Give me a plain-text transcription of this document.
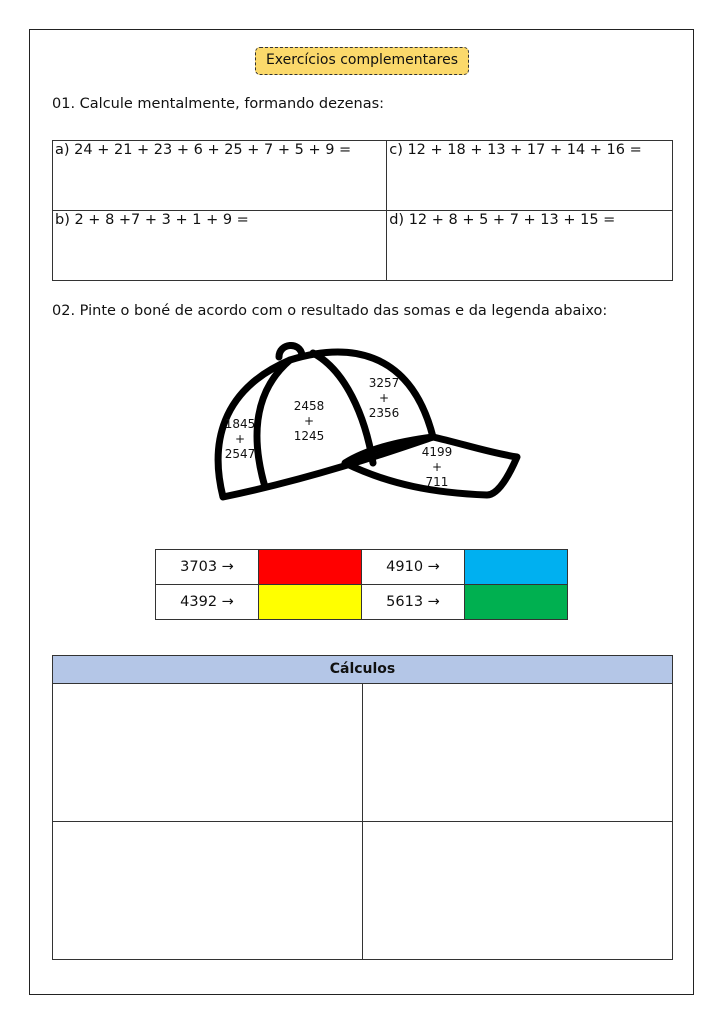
Exercícios complementares
01. Calcule mentalmente, formando dezenas:
a) 24 + 21 + 23 + 6 + 25 + 7 + 5 + 9 =	c) 12 + 18 + 13 + 17 + 14 + 16 =
b) 2 + 8 +7 + 3 + 1 + 9 =	d) 12 + 8 + 5 + 7 + 13 + 15 =
02. Pinte o boné de acordo com o resultado das somas e da legenda abaixo:
1845
+
2547
2458
+
1245
3257
+
2356
4199
+
711
3703 →		4910 →	
4392 →		5613 →	
Cálculos
